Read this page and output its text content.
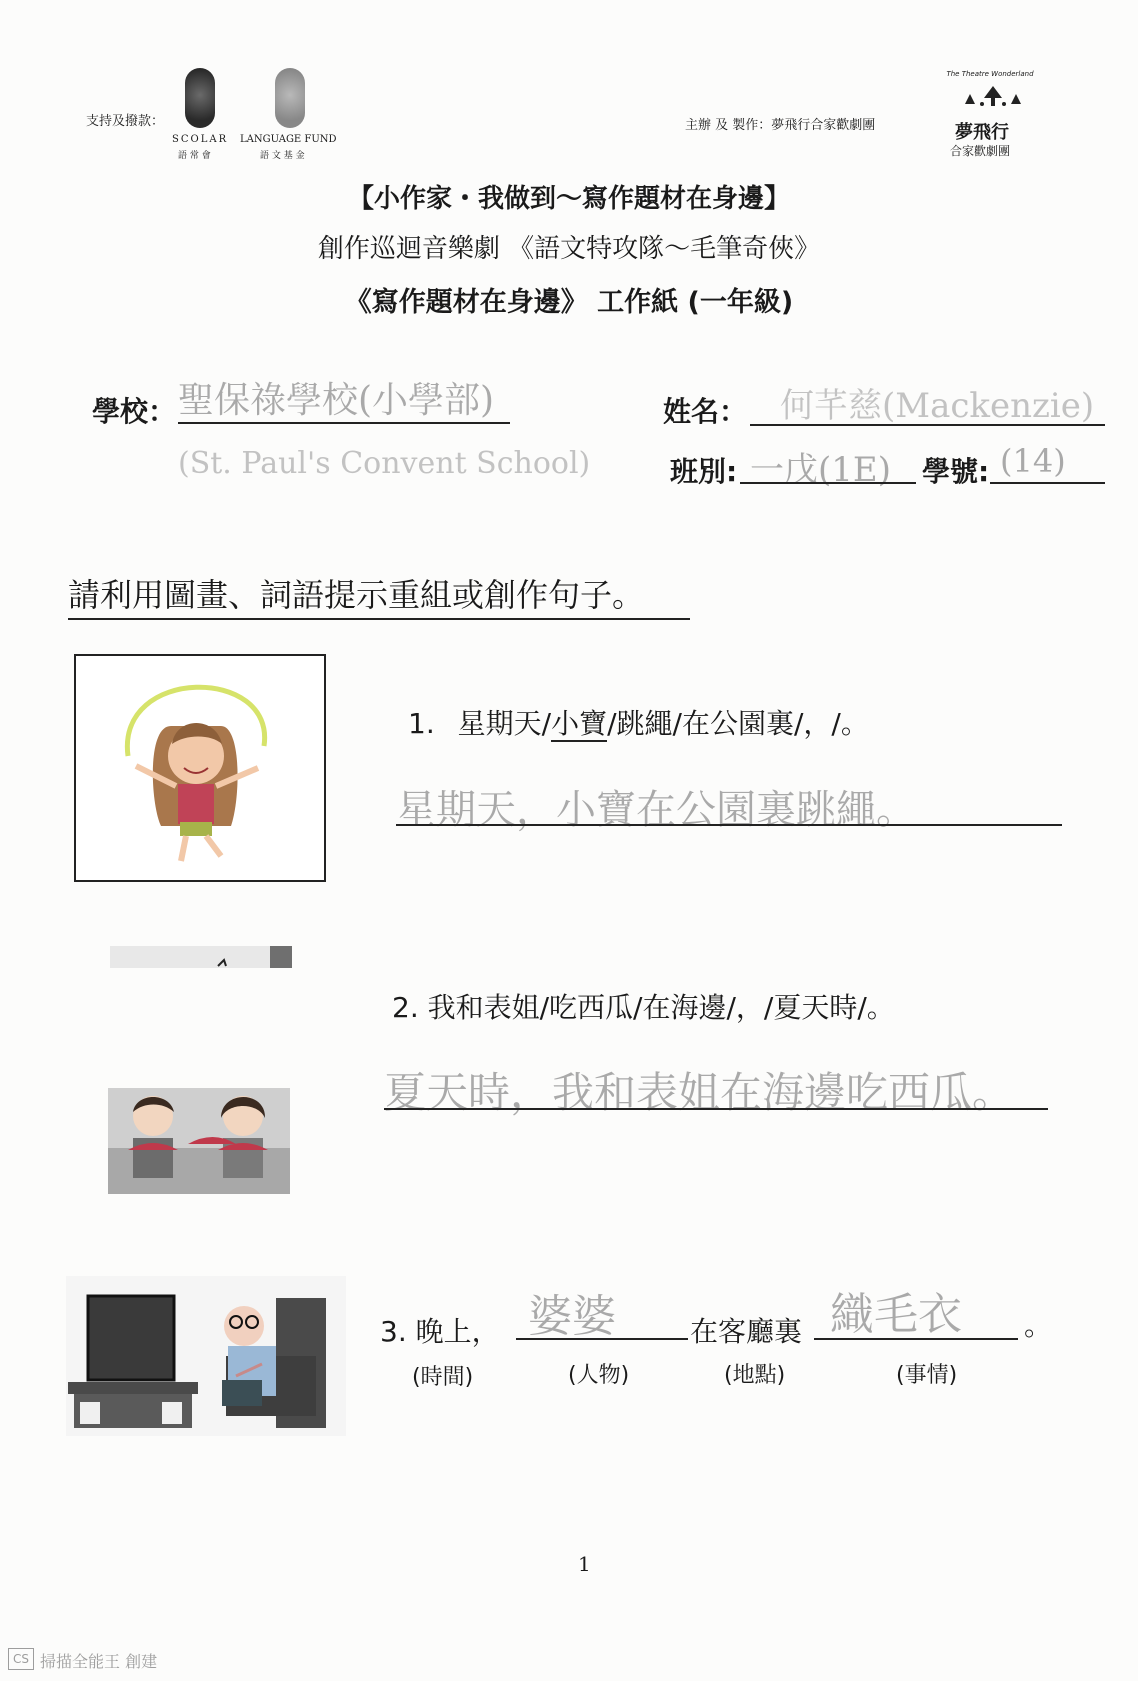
支持及撥款：
SCOLAR
語 常 會
LANGUAGE FUND
語 文 基 金
主辦 及 製作：夢飛行合家歡劇團
The Theatre Wonderland
夢飛行
合家歡劇團
【小作家・我做到～寫作題材在身邊】
創作巡迴音樂劇 《語文特攻隊～毛筆奇俠》
《寫作題材在身邊》 工作紙 (一年級)
學校： 聖保祿學校(小學部)
(St. Paul's Convent School)
姓名： 何芊慈(Mackenzie)
班別: 一戊(1E) 學號: (14)
請利用圖畫、詞語提示重組或創作句子。
1. 星期天/小寶/跳繩/在公園裏/，/。
星期天，小寶在公園裏跳繩。
2. 我和表姐/吃西瓜/在海邊/，/夏天時/。
夏天時，我和表姐在海邊吃西瓜。
3. 晚上， 婆婆	在客廳裏 織毛衣 。
(時間)	(人物)	(地點)	(事情)
1
CS 掃描全能王 創建
